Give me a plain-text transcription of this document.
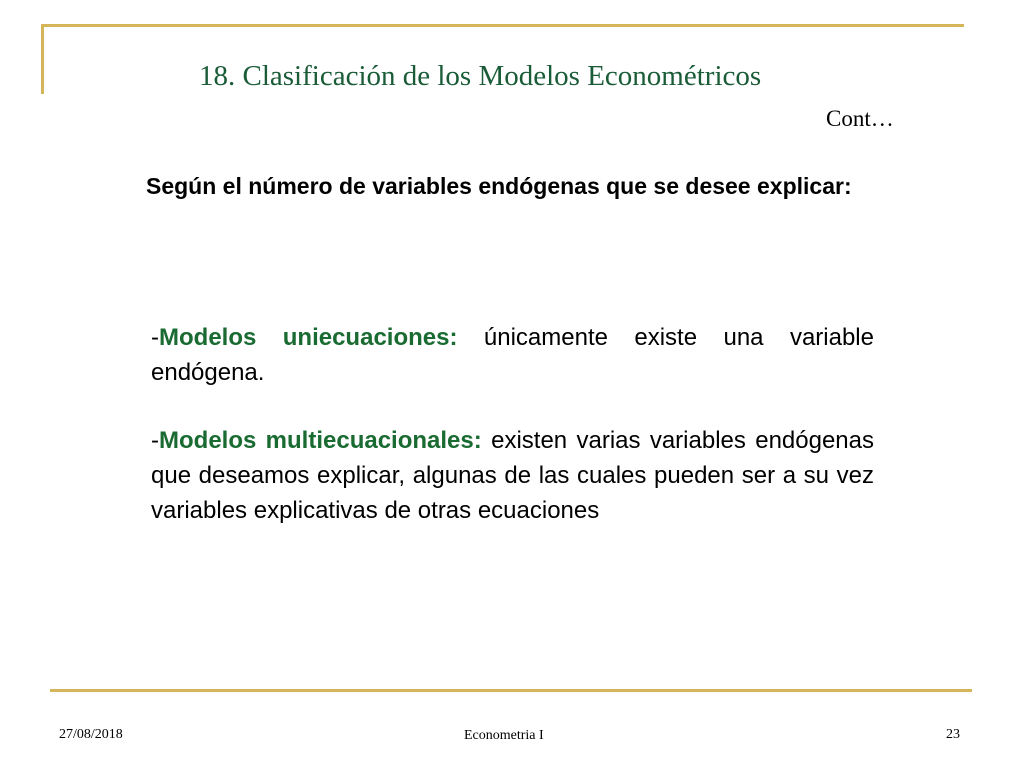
18. Clasificación de los Modelos Econométricos
Cont…
Según el número de variables endógenas que se desee explicar:
-Modelos uniecuaciones: únicamente existe una variable endógena.
-Modelos multiecuacionales: existen varias variables endógenas que deseamos explicar, algunas de las cuales pueden ser a su vez variables explicativas de otras ecuaciones
27/08/2018	Econometria I	23
